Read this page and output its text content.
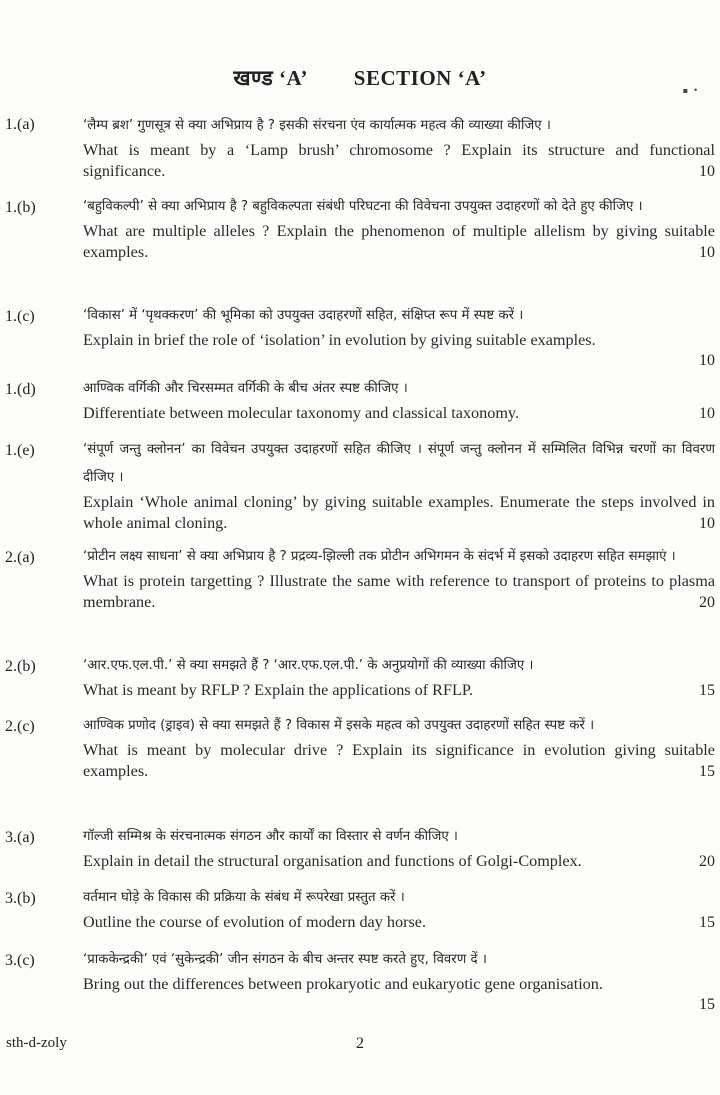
▪  •
खण्ड ‘A’ SECTION ‘A’
1.(a)	‘लैम्प ब्रश’ गुणसूत्र से क्या अभिप्राय है ? इसकी संरचना एंव कार्यात्मक महत्व की व्याख्या कीजिए ।
What is meant by a ‘Lamp brush’ chromosome ? Explain its structure and functional significance.	10
1.(b)	‘बहुविकल्पी’ से क्या अभिप्राय है ? बहुविकल्पता संबंधी परिघटना की विवेचना उपयुक्त उदाहरणों को देते हुए कीजिए ।
What are multiple alleles ? Explain the phenomenon of multiple allelism by giving suitable examples.	10
1.(c)	‘विकास’ में ‘पृथक्करण’ की भूमिका को उपयुक्त उदाहरणों सहित, संक्षिप्त रूप में स्पष्ट करें ।
Explain in brief the role of ‘isolation’ in evolution by giving suitable examples.
10
1.(d)	आण्विक वर्गिकी और चिरसम्मत वर्गिकी के बीच अंतर स्पष्ट कीजिए ।
10
Differentiate between molecular taxonomy and classical taxonomy.
1.(e)	‘संपूर्ण जन्तु क्लोनन’ का विवेचन उपयुक्त उदाहरणों सहित कीजिए । संपूर्ण जन्तु क्लोनन में सम्मिलित विभिन्न चरणों का विवरण दीजिए ।
Explain ‘Whole animal cloning’ by giving suitable examples. Enumerate the steps involved in whole animal cloning.	10
2.(a)	‘प्रोटीन लक्ष्य साधना’ से क्या अभिप्राय है ? प्रद्रव्य-झिल्ली तक प्रोटीन अभिगमन के संदर्भ में इसको उदाहरण सहित समझाएं ।
What is protein targetting ? Illustrate the same with reference to transport of proteins to plasma membrane.	20
2.(b)	‘आर.एफ.एल.पी.’ से क्या समझते हैं ? ‘आर.एफ.एल.पी.’ के अनुप्रयोगों की व्याख्या कीजिए ।
15
What is meant by RFLP ? Explain the applications of RFLP.
2.(c)	आण्विक प्रणोद (ड्राइव) से क्या समझते हैं ? विकास में इसके महत्व को उपयुक्त उदाहरणों सहित स्पष्ट करें ।
What is meant by molecular drive ? Explain its significance in evolution giving suitable examples.	15
3.(a)	गॉल्जी सम्मिश्र के संरचनात्मक संगठन और कार्यों का विस्तार से वर्णन कीजिए ।
20
Explain in detail the structural organisation and functions of Golgi-Complex.
3.(b)	वर्तमान घोड़े के विकास की प्रक्रिया के संबंध में रूपरेखा प्रस्तुत करें ।
15
Outline the course of evolution of modern day horse.
3.(c)	‘प्राककेन्द्रकी’ एवं ‘सुकेन्द्रकी’ जीन संगठन के बीच अन्तर स्पष्ट करते हुए, विवरण दें ।
Bring out the differences between prokaryotic and eukaryotic gene organisation.
15
sth-d-zoly	2
